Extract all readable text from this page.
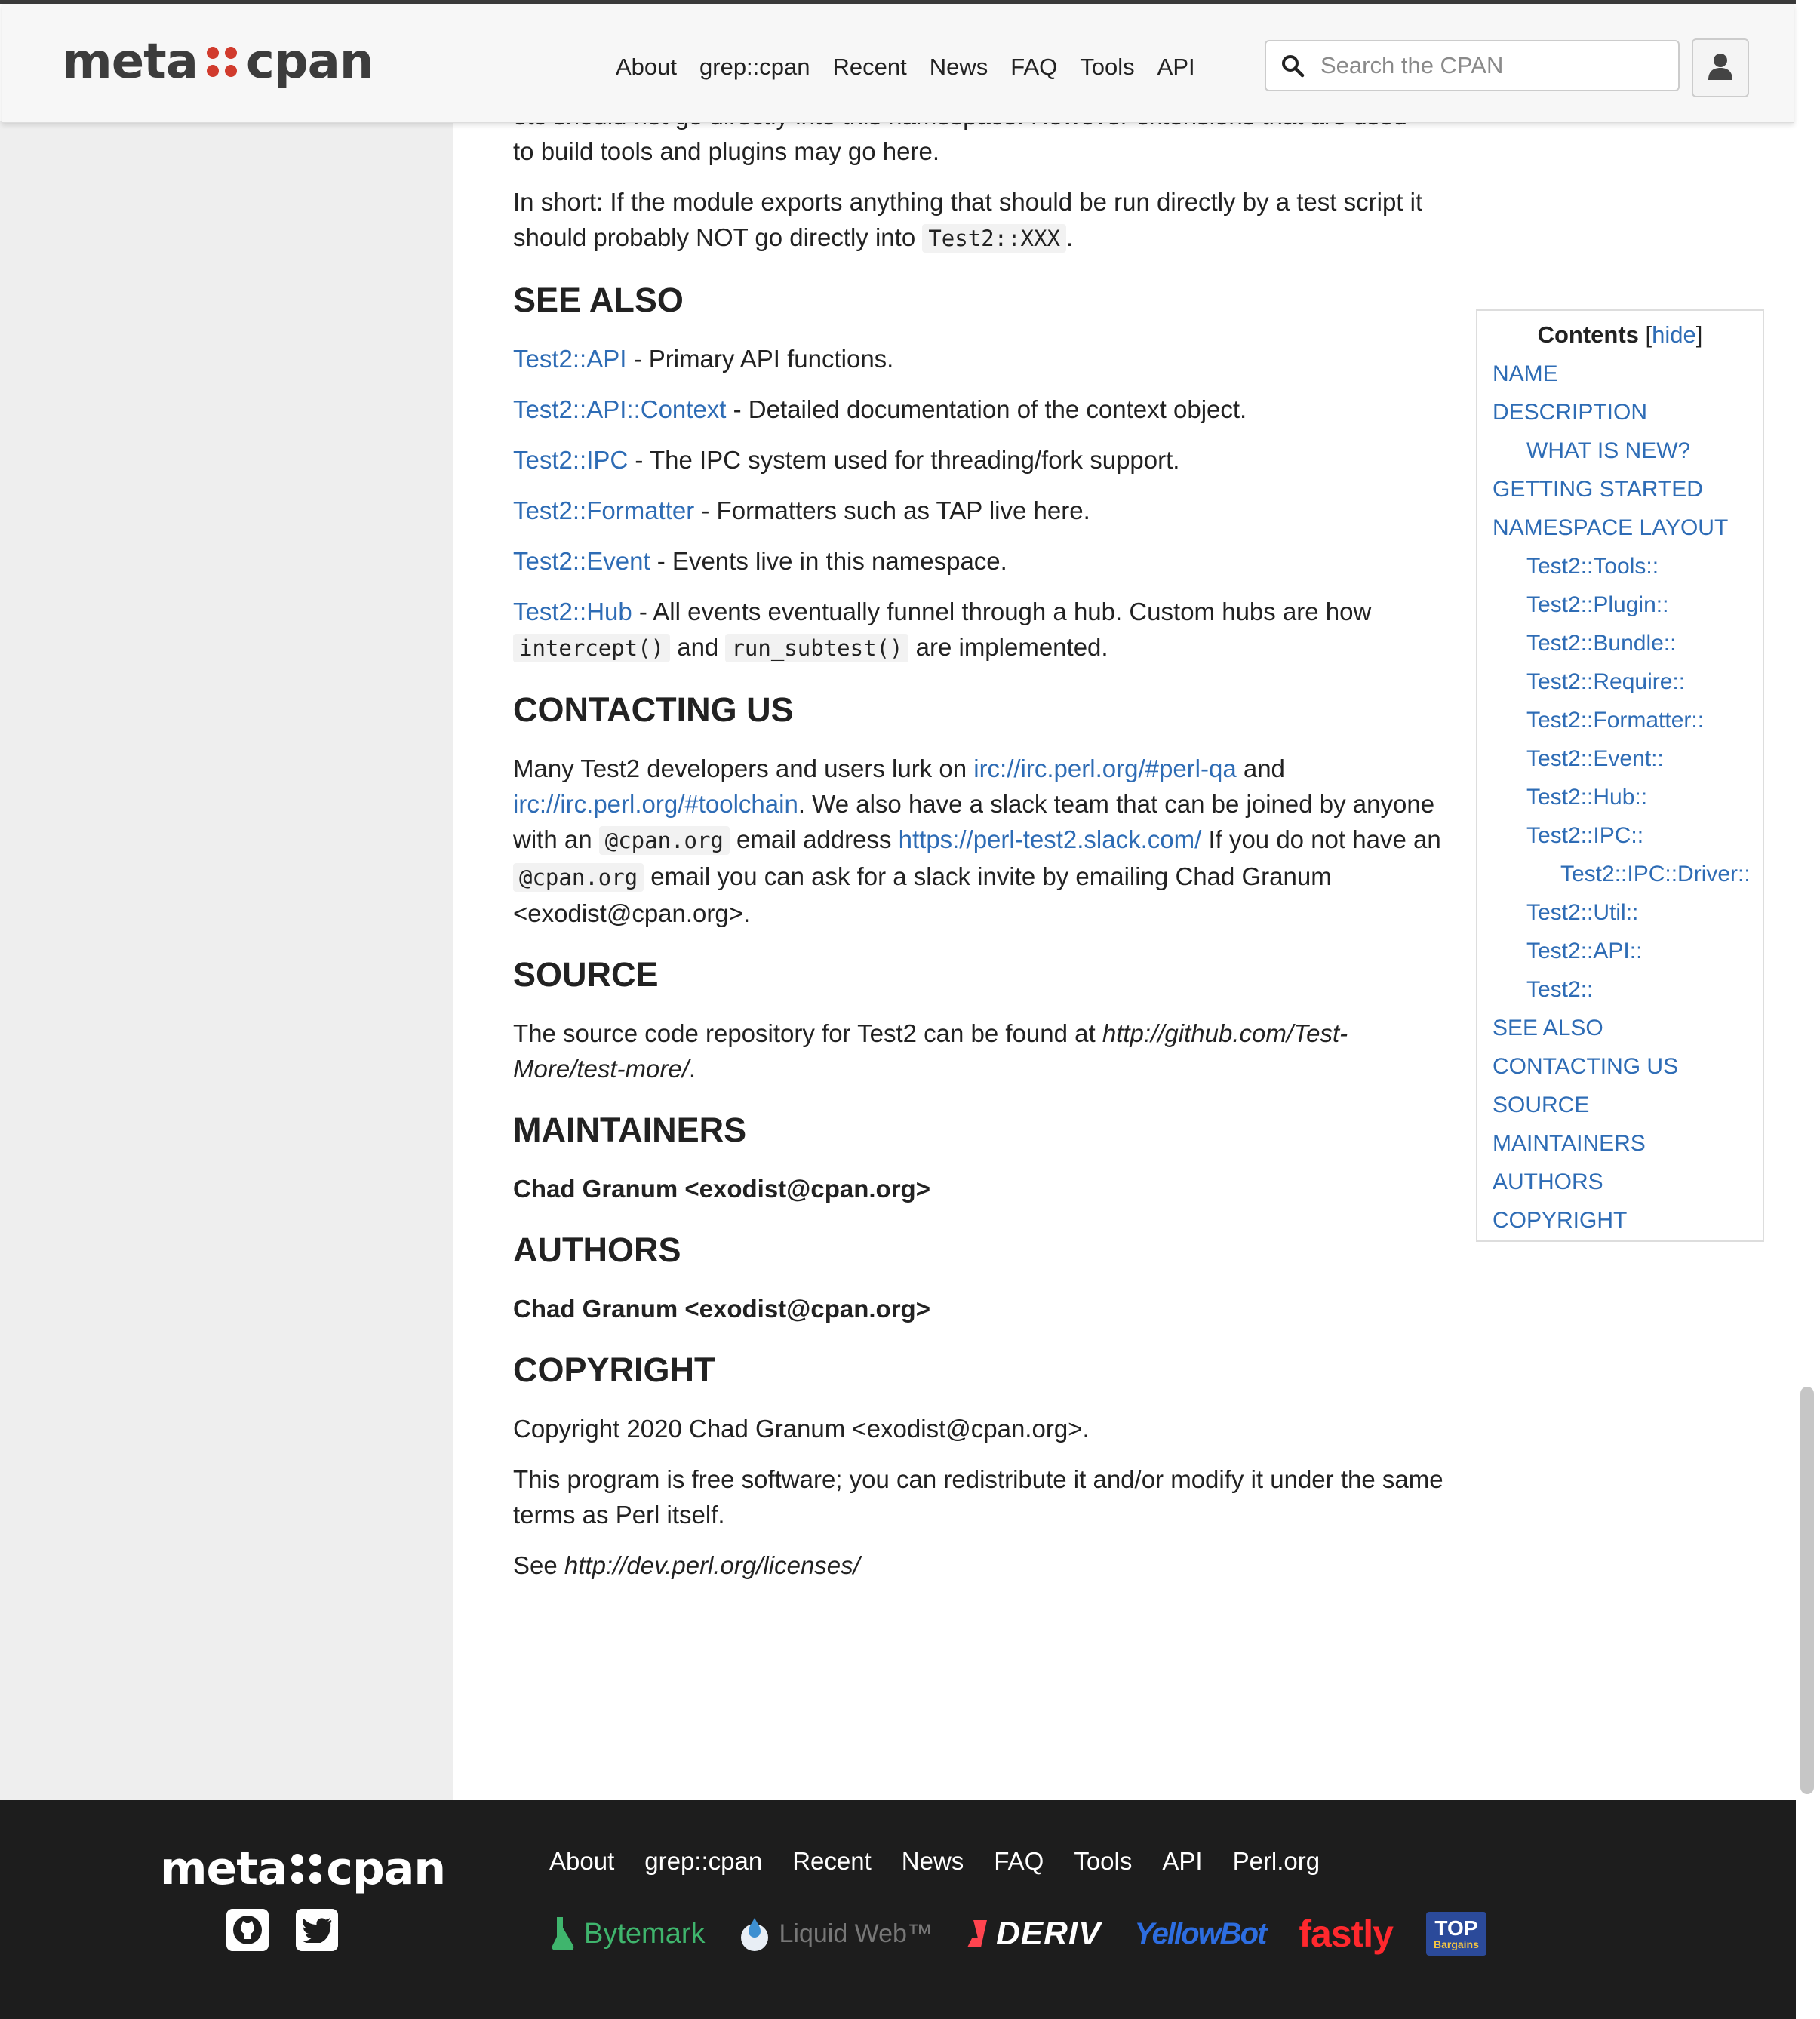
meta cpan	About grep::cpan Recent News FAQ Tools API
Search the CPAN

to build tools and plugins may go here.

In short: If the module exports anything that should be run directly by a test script it should probably NOT go directly into Test2::XXX .

SEE ALSO

Test2::API - Primary API functions.

Test2::API::Context - Detailed documentation of the context object.

Test2::IPC - The IPC system used for threading/fork support.

Test2::Formatter - Formatters such as TAP live here.

Test2::Event - Events live in this namespace.

Test2::Hub - All events eventually funnel through a hub. Custom hubs are how intercept() and run_subtest() are implemented.

CONTACTING US

Many Test2 developers and users lurk on irc://irc.perl.org/#perl-qa and irc://irc.perl.org/#toolchain. We also have a slack team that can be joined by anyone with an @cpan.org email address https://perl-test2.slack.com/ If you do not have an @cpan.org email you can ask for a slack invite by emailing Chad Granum <exodist@cpan.org>.

SOURCE

The source code repository for Test2 can be found at http://github.com/Test-More/test-more/.

MAINTAINERS

Chad Granum <exodist@cpan.org>

AUTHORS

Chad Granum <exodist@cpan.org>

COPYRIGHT

Copyright 2020 Chad Granum <exodist@cpan.org>.

This program is free software; you can redistribute it and/or modify it under the same terms as Perl itself.

See http://dev.perl.org/licenses/

Contents [hide]
NAME
DESCRIPTION
WHAT IS NEW?
GETTING STARTED
NAMESPACE LAYOUT
Test2::Tools::
Test2::Plugin::
Test2::Bundle::
Test2::Require::
Test2::Formatter::
Test2::Event::
Test2::Hub::
Test2::IPC::
Test2::IPC::Driver::
Test2::Util::
Test2::API::
Test2::
SEE ALSO
CONTACTING US
SOURCE
MAINTAINERS
AUTHORS
COPYRIGHT
meta cpan	About grep::cpan Recent News FAQ Tools API Perl.org
Bytemark	Liquid Web™ DERIV YellowBot fastly TOP
Bargains
